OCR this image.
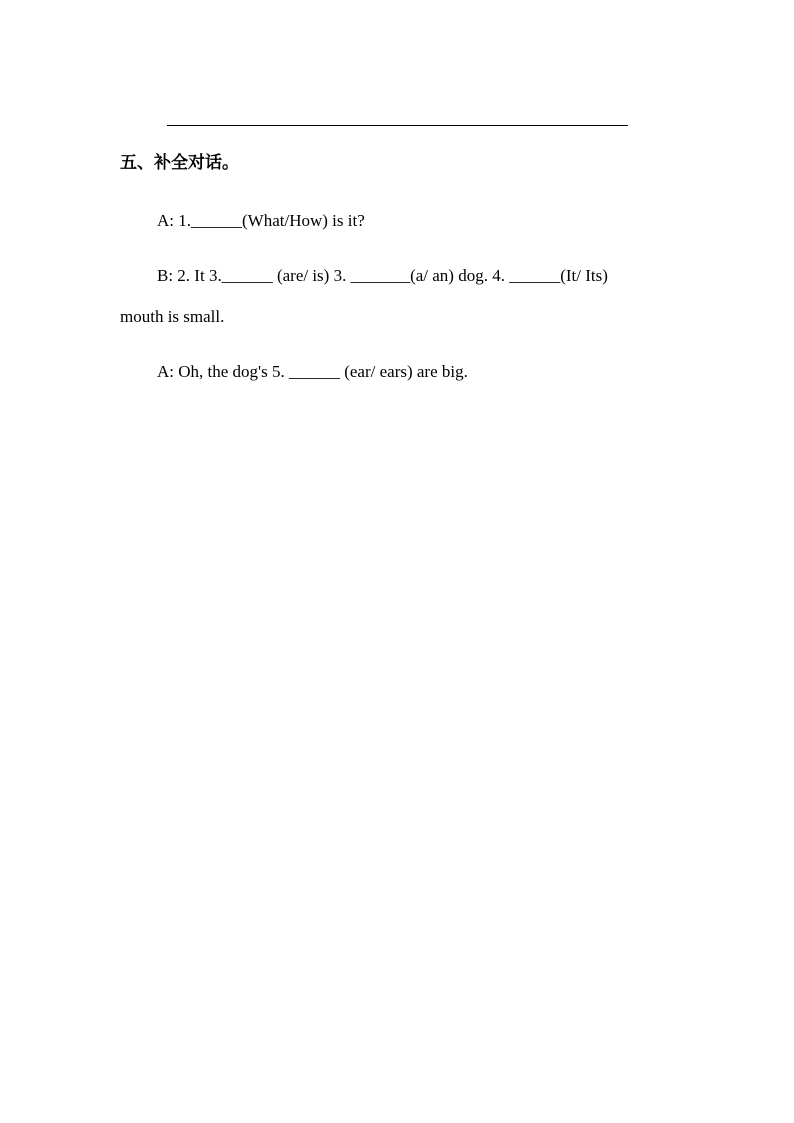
五、补全对话。
A: 1.______(What/How) is it?
B: 2. It 3.______ (are/ is) 3. _______(a/ an) dog. 4. ______(It/ Its)
mouth is small.
A: Oh, the dog's 5. ______ (ear/ ears) are big.
